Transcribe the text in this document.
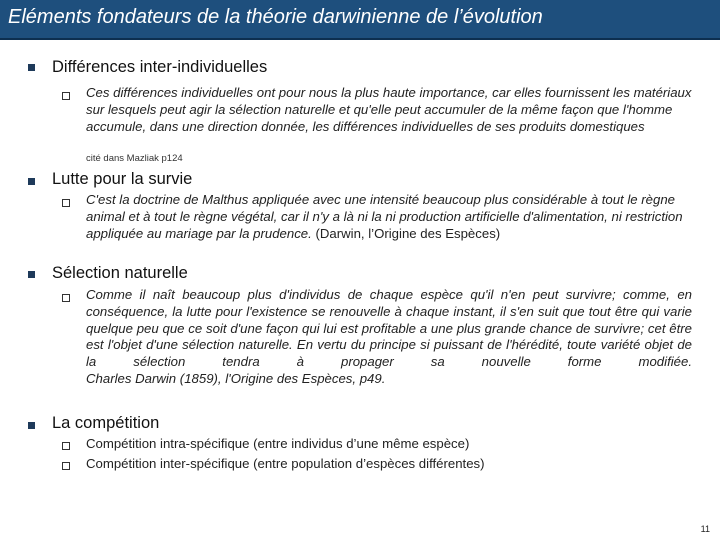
Eléments fondateurs de la théorie darwinienne de l’évolution
Différences inter-individuelles
Ces différences individuelles ont pour nous la plus haute importance, car elles fournissent les matériaux sur lesquels peut agir la sélection naturelle et qu'elle peut accumuler de la même façon que l'homme accumule, dans une direction donnée, les différences individuelles de ses produits domestiques
cité dans Mazliak p124
Lutte pour la survie
C'est la doctrine de Malthus appliquée avec une intensité beaucoup plus considérable à tout le règne animal et à tout le règne végétal, car il n'y a là ni la ni production artificielle d'alimentation, ni restriction appliquée au mariage par la prudence. (Darwin, l’Origine des Espèces)
Sélection naturelle
Comme il naît beaucoup plus d'individus de chaque espèce qu'il n'en peut survivre; comme, en conséquence, la lutte pour l'existence se renouvelle à chaque instant, il s'en suit que tout être qui varie quelque peu que ce soit d'une façon qui lui est profitable a une plus grande chance de survivre; cet être est l'objet d'une sélection naturelle. En vertu du principe si puissant de l'hérédité, toute variété objet de la sélection tendra à propager sa nouvelle forme modifiée.
Charles Darwin (1859), l'Origine des Espèces, p49.
La compétition
Compétition intra-spécifique (entre individus d’une même espèce)
Compétition inter-spécifique (entre population d’espèces différentes)
11
